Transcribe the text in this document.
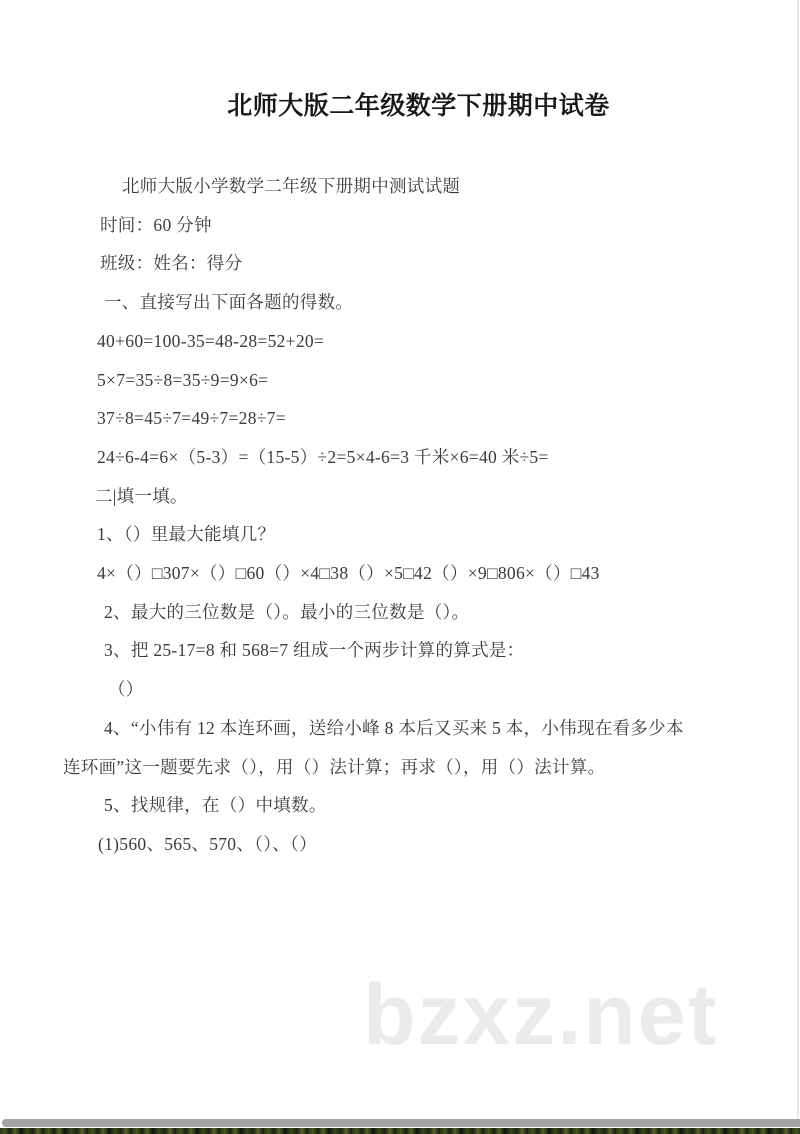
北师大版二年级数学下册期中试卷

北师大版小学数学二年级下册期中测试试题

时间：60 分钟

班级：姓名：得分

一、直接写出下面各题的得数。

40+60=100-35=48-28=52+20=

5×7=35÷8=35÷9=9×6=

37÷8=45÷7=49÷7=28÷7=

24÷6-4=6×（5-3）=（15-5）÷2=5×4-6=3 千米×6=40 米÷5=

二|填一填。

1、（）里最大能填几？

4×（）□307×（）□60（）×4□38（）×5□42（）×9□806×（）□43

2、最大的三位数是（）。最小的三位数是（）。

3、把 25-17=8 和 568=7 组成一个两步计算的算式是：

（）

4、“小伟有 12 本连环画，送给小峰 8 本后又买来 5 本，小伟现在看多少本

连环画”这一题要先求（），用（）法计算；再求（），用（）法计算。

5、找规律，在（）中填数。

(1)560、565、570、（）、（）

bzxz.net
